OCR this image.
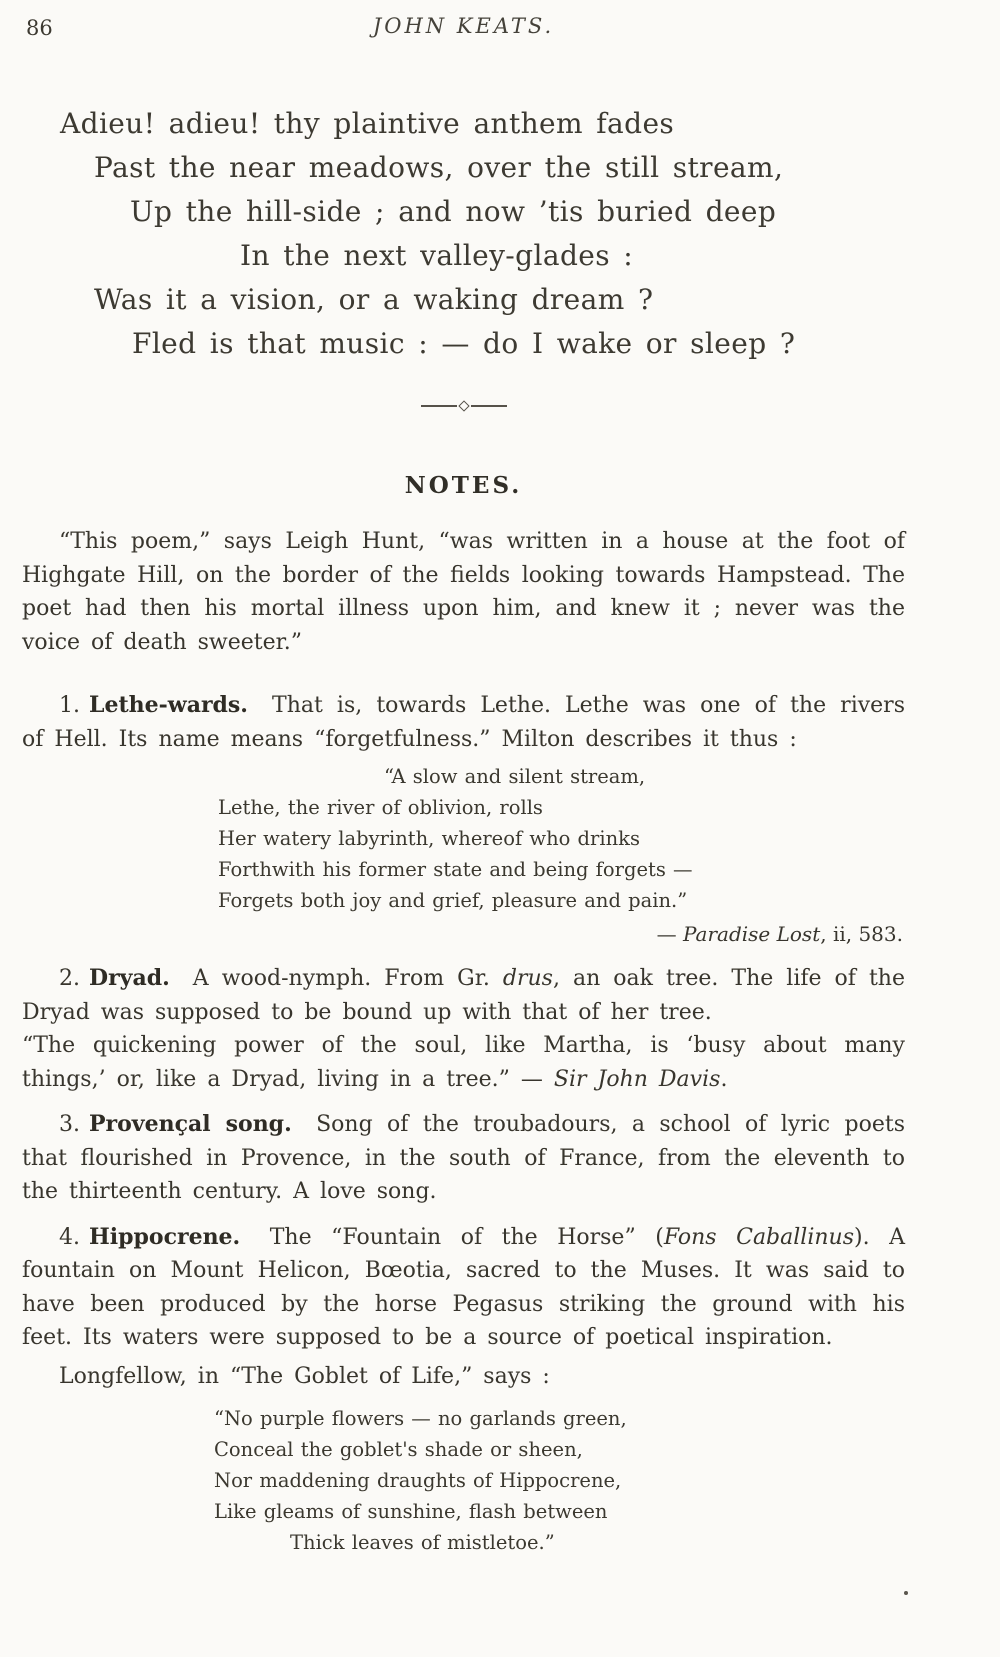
86	JOHN KEATS.
Adieu! adieu! thy plaintive anthem fades
Past the near meadows, over the still stream,
Up the hill-side ; and now ’tis buried deep
In the next valley-glades :
Was it a vision, or a waking dream ?
Fled is that music : — do I wake or sleep ?
NOTES.

“This poem,” says Leigh Hunt, “was written in a house at the foot of Highgate Hill, on the border of the fields looking towards Hampstead. The poet had then his mortal illness upon him, and knew it ; never was the voice of death sweeter.”

1. Lethe-wards. That is, towards Lethe. Lethe was one of the rivers of Hell. Its name means “forgetfulness.” Milton describes it thus :

“A slow and silent stream,
Lethe, the river of oblivion, rolls
Her watery labyrinth, whereof who drinks
Forthwith his former state and being forgets —
Forgets both joy and grief, pleasure and pain.”

— Paradise Lost, ii, 583.

2. Dryad. A wood-nymph. From Gr. drus, an oak tree. The life of the Dryad was supposed to be bound up with that of her tree.

“The quickening power of the soul, like Martha, is ‘busy about many things,’ or, like a Dryad, living in a tree.” — Sir John Davis.

3. Provençal song. Song of the troubadours, a school of lyric poets that flourished in Provence, in the south of France, from the eleventh to the thirteenth century. A love song.

4. Hippocrene. The “Fountain of the Horse” (Fons Caballinus). A fountain on Mount Helicon, Bœotia, sacred to the Muses. It was said to have been produced by the horse Pegasus striking the ground with his feet. Its waters were supposed to be a source of poetical inspiration.

Longfellow, in “The Goblet of Life,” says :

“No purple flowers — no garlands green,
Conceal the goblet's shade or sheen,
Nor maddening draughts of Hippocrene,
Like gleams of sunshine, flash between
Thick leaves of mistletoe.”
